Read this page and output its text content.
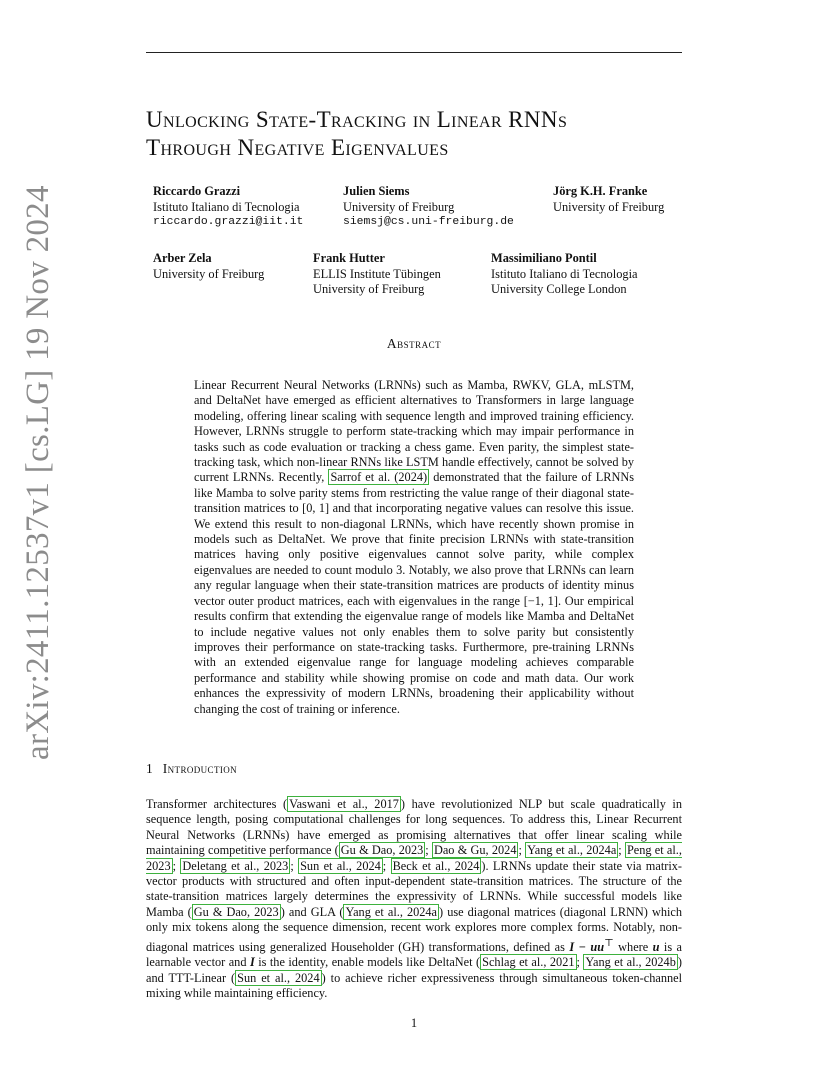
arXiv:2411.12537v1 [cs.LG] 19 Nov 2024
Unlocking State-Tracking in Linear RNNs
Through Negative Eigenvalues
Riccardo Grazzi
Istituto Italiano di Tecnologia
riccardo.grazzi@iit.it
Julien Siems
University of Freiburg
siemsj@cs.uni-freiburg.de
Jörg K.H. Franke
University of Freiburg
Arber Zela
University of Freiburg
Frank Hutter
ELLIS Institute Tübingen
University of Freiburg
Massimiliano Pontil
Istituto Italiano di Tecnologia
University College London
Abstract
Linear Recurrent Neural Networks (LRNNs) such as Mamba, RWKV, GLA, mLSTM, and DeltaNet have emerged as efficient alternatives to Transformers in large language modeling, offering linear scaling with sequence length and improved training efficiency. However, LRNNs struggle to perform state-tracking which may impair performance in tasks such as code evaluation or tracking a chess game. Even parity, the simplest state-tracking task, which non-linear RNNs like LSTM handle effectively, cannot be solved by current LRNNs. Recently, Sarrof et al. (2024) demonstrated that the failure of LRNNs like Mamba to solve parity stems from restricting the value range of their diagonal state-transition matrices to [0, 1] and that incorporating negative values can resolve this issue. We extend this result to non-diagonal LRNNs, which have recently shown promise in models such as DeltaNet. We prove that finite precision LRNNs with state-transition matrices having only positive eigenvalues cannot solve parity, while complex eigenvalues are needed to count modulo 3. Notably, we also prove that LRNNs can learn any regular language when their state-transition matrices are products of identity minus vector outer product matrices, each with eigenvalues in the range [−1, 1]. Our empirical results confirm that extending the eigenvalue range of models like Mamba and DeltaNet to include negative values not only enables them to solve parity but consistently improves their performance on state-tracking tasks. Furthermore, pre-training LRNNs with an extended eigenvalue range for language modeling achieves comparable performance and stability while showing promise on code and math data. Our work enhances the expressivity of modern LRNNs, broadening their applicability without changing the cost of training or inference.
1 Introduction
Transformer architectures ( Vaswani et al., 2017 ) have revolutionized NLP but scale quadratically in sequence length, posing computational challenges for long sequences. To address this, Linear Recurrent Neural Networks (LRNNs) have emerged as promising alternatives that offer linear scaling while maintaining competitive performance ( Gu & Dao, 2023 ; Dao & Gu, 2024 ; Yang et al., 2024a ; Peng et al., 2023 ; Deletang et al., 2023 ; Sun et al., 2024 ; Beck et al., 2024 ). LRNNs update their state via matrix-vector products with structured and often input-dependent state-transition matrices. The structure of the state-transition matrices largely determines the expressivity of LRNNs. While successful models like Mamba ( Gu & Dao, 2023 ) and GLA ( Yang et al., 2024a ) use diagonal matrices (diagonal LRNN) which only mix tokens along the sequence dimension, recent work explores more complex forms. Notably, non-diagonal matrices using generalized Householder (GH) transformations, defined as I − uu⊤ where u is a learnable vector and I is the identity, enable models like DeltaNet ( Schlag et al., 2021 ; Yang et al., 2024b ) and TTT-Linear ( Sun et al., 2024 ) to achieve richer expressiveness through simultaneous token-channel mixing while maintaining efficiency.
1
